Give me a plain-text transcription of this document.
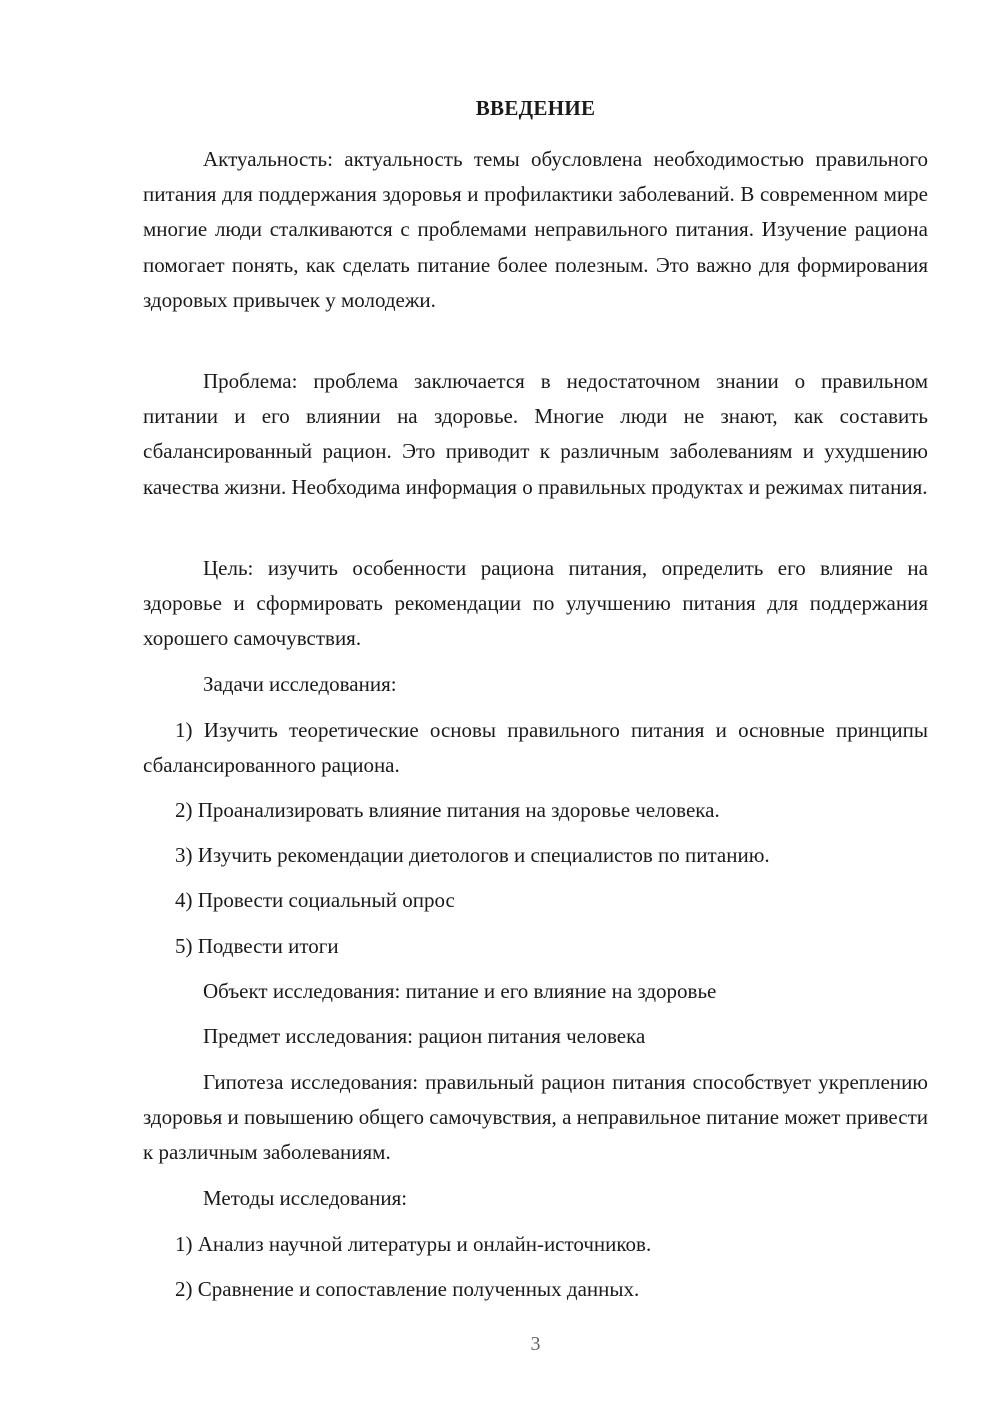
ВВЕДЕНИЕ
Актуальность: актуальность темы обусловлена необходимостью правильного питания для поддержания здоровья и профилактики заболеваний. В современном мире многие люди сталкиваются с проблемами неправильного питания. Изучение рациона помогает понять, как сделать питание более полезным. Это важно для формирования здоровых привычек у молодежи.
Проблема: проблема заключается в недостаточном знании о правильном питании и его влиянии на здоровье. Многие люди не знают, как составить сбалансированный рацион. Это приводит к различным заболеваниям и ухудшению качества жизни. Необходима информация о правильных продуктах и режимах питания.
Цель: изучить особенности рациона питания, определить его влияние на здоровье и сформировать рекомендации по улучшению питания для поддержания хорошего самочувствия.
Задачи исследования:
1) Изучить теоретические основы правильного питания и основные принципы сбалансированного рациона.
2) Проанализировать влияние питания на здоровье человека.
3) Изучить рекомендации диетологов и специалистов по питанию.
4) Провести социальный опрос
5) Подвести итоги
Объект исследования: питание и его влияние на здоровье
Предмет исследования: рацион питания человека
Гипотеза исследования: правильный рацион питания способствует укреплению здоровья и повышению общего самочувствия, а неправильное питание может привести к различным заболеваниям.
Методы исследования:
1) Анализ научной литературы и онлайн-источников.
2) Сравнение и сопоставление полученных данных.
3
